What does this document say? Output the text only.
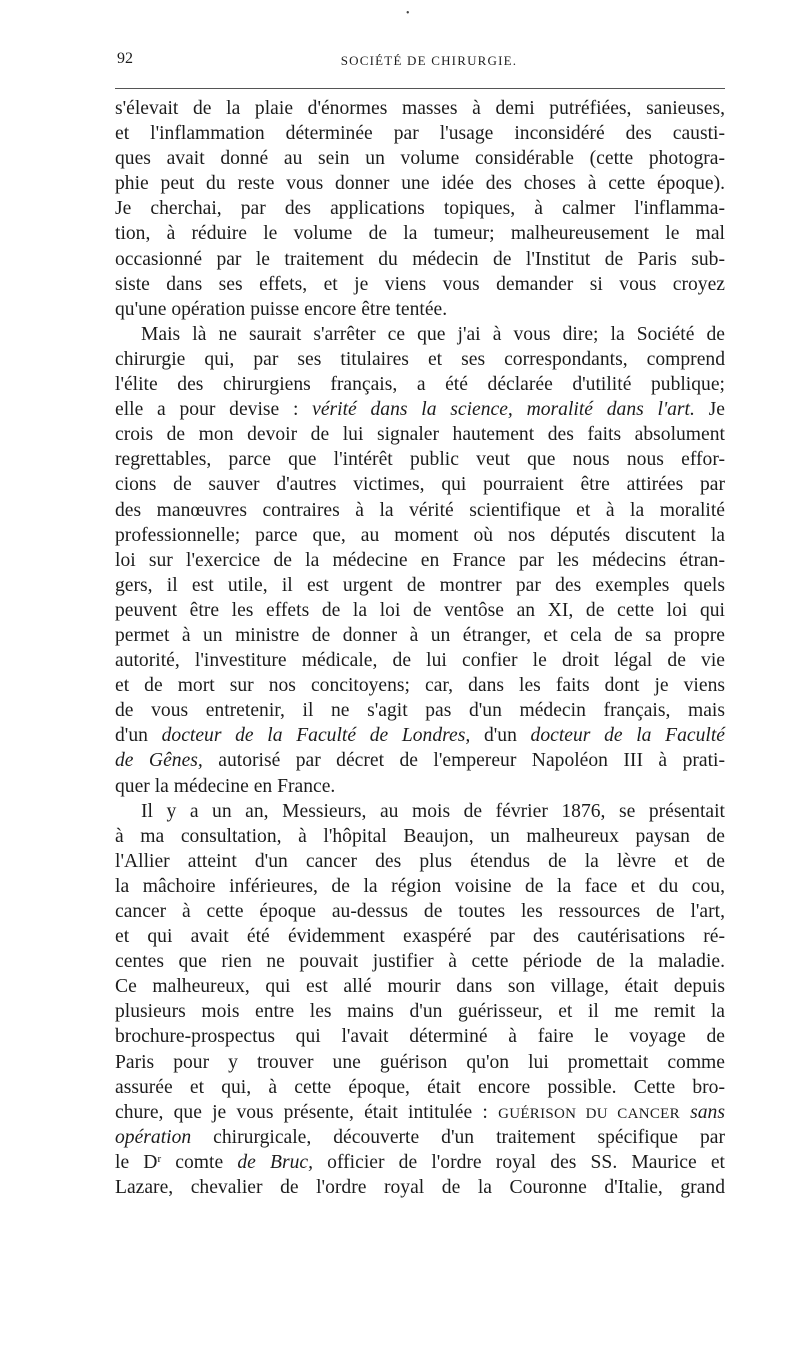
•
92	SOCIÉTÉ DE CHIRURGIE.
s'élevait de la plaie d'énormes masses à demi putréfiées, sanieuses,
et l'inflammation déterminée par l'usage inconsidéré des causti-
ques avait donné au sein un volume considérable (cette photogra-
phie peut du reste vous donner une idée des choses à cette époque).
Je cherchai, par des applications topiques, à calmer l'inflamma-
tion, à réduire le volume de la tumeur; malheureusement le mal
occasionné par le traitement du médecin de l'Institut de Paris sub-
siste dans ses effets, et je viens vous demander si vous croyez
qu'une opération puisse encore être tentée.
Mais là ne saurait s'arrêter ce que j'ai à vous dire; la Société de
chirurgie qui, par ses titulaires et ses correspondants, comprend
l'élite des chirurgiens français, a été déclarée d'utilité publique;
elle a pour devise : vérité dans la science, moralité dans l'art. Je
crois de mon devoir de lui signaler hautement des faits absolument
regrettables, parce que l'intérêt public veut que nous nous effor-
cions de sauver d'autres victimes, qui pourraient être attirées par
des manœuvres contraires à la vérité scientifique et à la moralité
professionnelle; parce que, au moment où nos députés discutent la
loi sur l'exercice de la médecine en France par les médecins étran-
gers, il est utile, il est urgent de montrer par des exemples quels
peuvent être les effets de la loi de ventôse an XI, de cette loi qui
permet à un ministre de donner à un étranger, et cela de sa propre
autorité, l'investiture médicale, de lui confier le droit légal de vie
et de mort sur nos concitoyens; car, dans les faits dont je viens
de vous entretenir, il ne s'agit pas d'un médecin français, mais
d'un docteur de la Faculté de Londres, d'un docteur de la Faculté
de Gênes, autorisé par décret de l'empereur Napoléon III à prati-
quer la médecine en France.
Il y a un an, Messieurs, au mois de février 1876, se présentait
à ma consultation, à l'hôpital Beaujon, un malheureux paysan de
l'Allier atteint d'un cancer des plus étendus de la lèvre et de
la mâchoire inférieures, de la région voisine de la face et du cou,
cancer à cette époque au-dessus de toutes les ressources de l'art,
et qui avait été évidemment exaspéré par des cautérisations ré-
centes que rien ne pouvait justifier à cette période de la maladie.
Ce malheureux, qui est allé mourir dans son village, était depuis
plusieurs mois entre les mains d'un guérisseur, et il me remit la
brochure-prospectus qui l'avait déterminé à faire le voyage de
Paris pour y trouver une guérison qu'on lui promettait comme
assurée et qui, à cette époque, était encore possible. Cette bro-
chure, que je vous présente, était intitulée : GUÉRISON DU CANCER sans
opération chirurgicale, découverte d'un traitement spécifique par
le $D^r$ comte de Bruc, officier de l'ordre royal des SS. Maurice et
Lazare, chevalier de l'ordre royal de la Couronne d'Italie, grand
